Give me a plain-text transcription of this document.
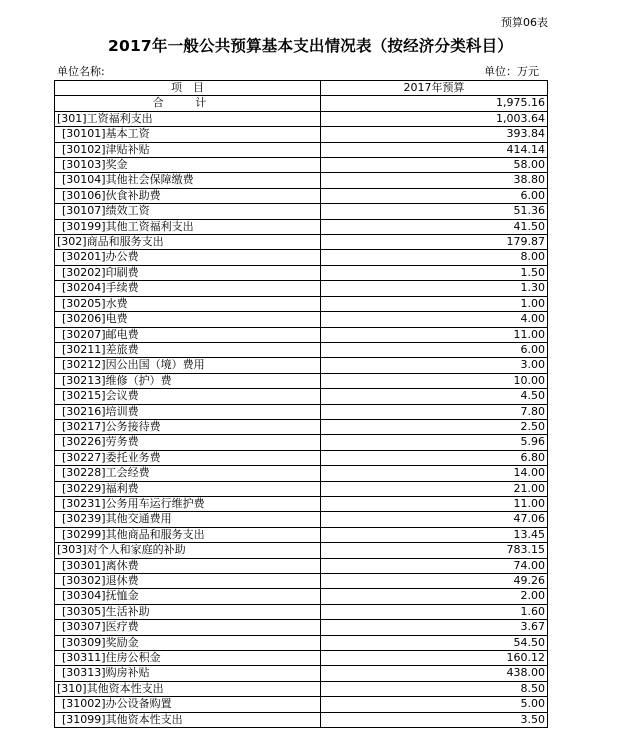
预算06表
2017年一般公共预算基本支出情况表（按经济分类科目）
单位名称:	单位：万元
项　目	2017年预算
合 计	1,975.16
[301]工资福利支出	1,003.64
[30101]基本工资	393.84
[30102]津贴补贴	414.14
[30103]奖金	58.00
[30104]其他社会保障缴费	38.80
[30106]伙食补助费	6.00
[30107]绩效工资	51.36
[30199]其他工资福利支出	41.50
[302]商品和服务支出	179.87
[30201]办公费	8.00
[30202]印刷费	1.50
[30204]手续费	1.30
[30205]水费	1.00
[30206]电费	4.00
[30207]邮电费	11.00
[30211]差旅费	6.00
[30212]因公出国（境）费用	3.00
[30213]维修（护）费	10.00
[30215]会议费	4.50
[30216]培训费	7.80
[30217]公务接待费	2.50
[30226]劳务费	5.96
[30227]委托业务费	6.80
[30228]工会经费	14.00
[30229]福利费	21.00
[30231]公务用车运行维护费	11.00
[30239]其他交通费用	47.06
[30299]其他商品和服务支出	13.45
[303]对个人和家庭的补助	783.15
[30301]离休费	74.00
[30302]退休费	49.26
[30304]抚恤金	2.00
[30305]生活补助	1.60
[30307]医疗费	3.67
[30309]奖励金	54.50
[30311]住房公积金	160.12
[30313]购房补贴	438.00
[310]其他资本性支出	8.50
[31002]办公设备购置	5.00
[31099]其他资本性支出	3.50
